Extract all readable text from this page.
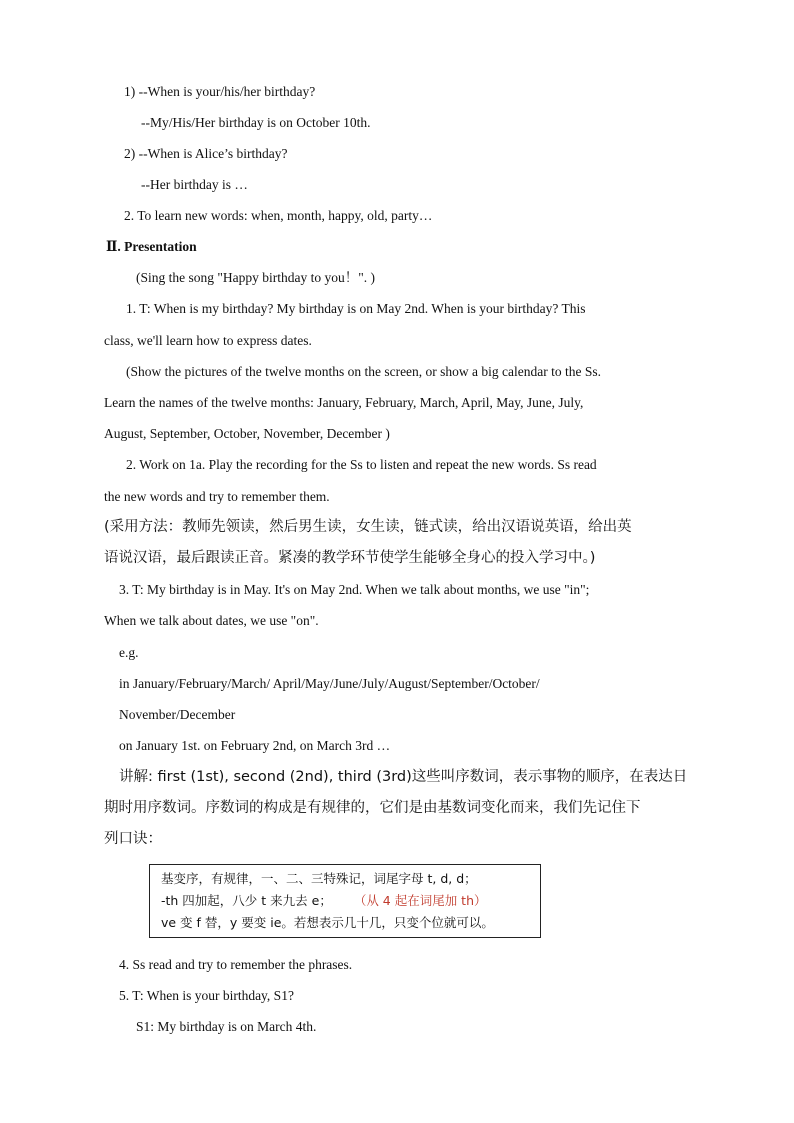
1) --When is your/his/her birthday?
--My/His/Her birthday is on October 10th.
2) --When is Alice’s birthday?
--Her birthday is …
2. To learn new words: when, month, happy, old, party…
Ⅱ. Presentation
(Sing the song "Happy birthday to you！". )
1. T: When is my birthday? My birthday is on May 2nd. When is your birthday? This
class, we'll learn how to express dates.
(Show the pictures of the twelve months on the screen, or show a big calendar to the Ss.
Learn the names of the twelve months: January, February, March, April, May, June, July,
August, September, October, November, December )
2. Work on 1a. Play the recording for the Ss to listen and repeat the new words. Ss read
the new words and try to remember them.
(采用方法：教师先领读，然后男生读，女生读，链式读，给出汉语说英语，给出英
语说汉语，最后跟读正音。紧凑的教学环节使学生能够全身心的投入学习中。)
3. T: My birthday is in May. It's on May 2nd. When we talk about months, we use "in";
When we talk about dates, we use "on".
e.g.
in January/February/March/ April/May/June/July/August/September/October/
November/December
on January 1st. on February 2nd, on March 3rd …
讲解: first (1st), second (2nd), third (3rd)这些叫序数词，表示事物的顺序，在表达日
期时用序数词。序数词的构成是有规律的，它们是由基数词变化而来，我们先记住下
列口诀：
基变序，有规律，一、二、三特殊记，词尾字母 t, d, d；
-th 四加起，八少 t 来九去 e； （从 4 起在词尾加 th）
ve 变 f 替，y 要变 ie。若想表示几十几，只变个位就可以。
4. Ss read and try to remember the phrases.
5. T: When is your birthday, S1?
S1: My birthday is on March 4th.
